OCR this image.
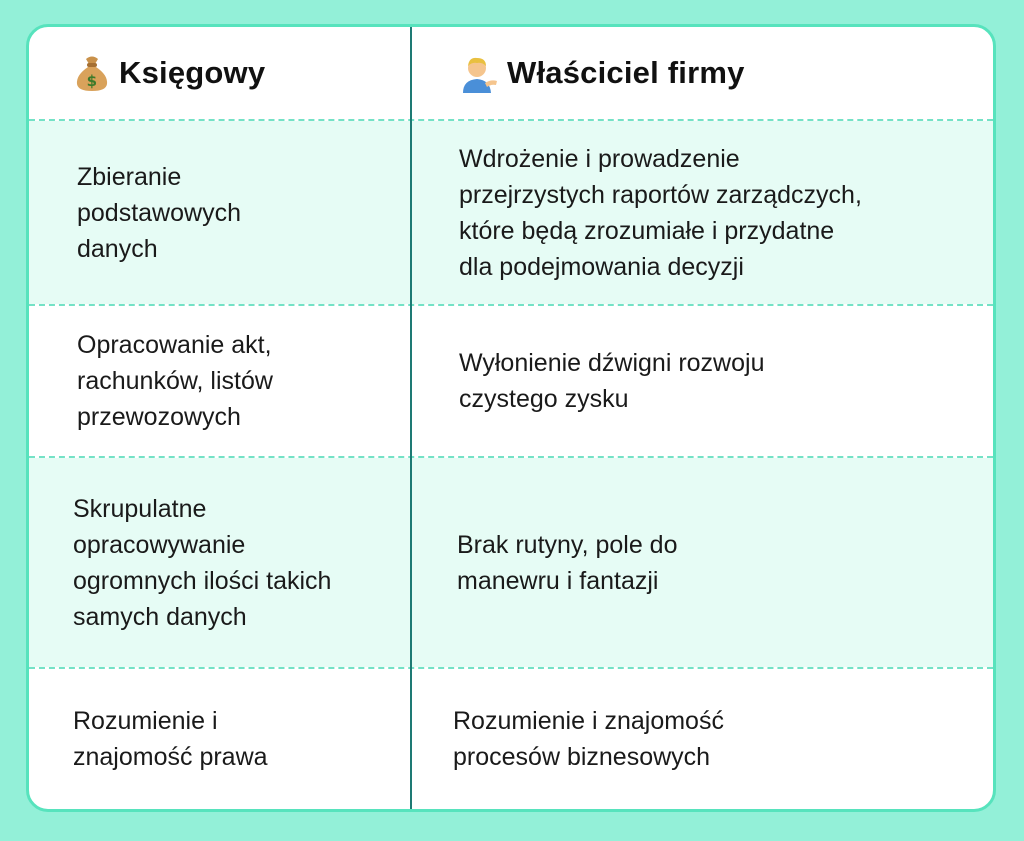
$ Księgowy	Właściciel firmy
Zbieranie
podstawowych
danych
Wdrożenie i prowadzenie
przejrzystych raportów zarządczych,
które będą zrozumiałe i przydatne
dla podejmowania decyzji
Opracowanie akt,
rachunków, listów
przewozowych
Wyłonienie dźwigni rozwoju
czystego zysku
Skrupulatne
opracowywanie
ogromnych ilości takich
samych danych
Brak rutyny, pole do
manewru i fantazji
Rozumienie i
znajomość prawa
Rozumienie i znajomość
procesów biznesowych
